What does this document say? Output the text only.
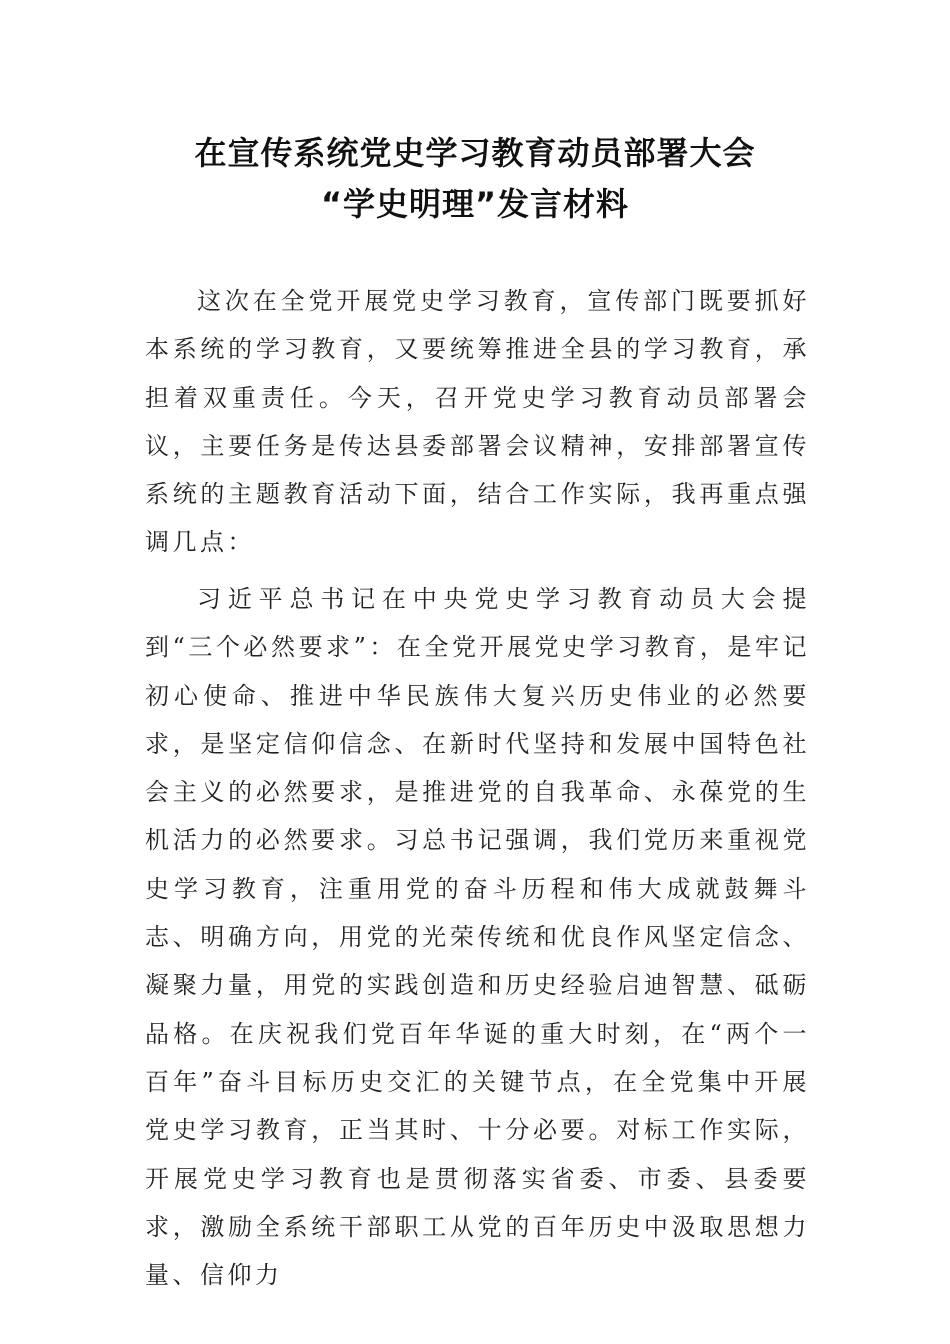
在宣传系统党史学习教育动员部署大会
“学史明理”发言材料

这次在全党开展党史学习教育，宣传部门既要抓好本系统的学习教育，又要统筹推进全县的学习教育，承担着双重责任。今天，召开党史学习教育动员部署会议，主要任务是传达县委部署会议精神，安排部署宣传系统的主题教育活动下面，结合工作实际，我再重点强调几点：

习近平总书记在中央党史学习教育动员大会提到“三个必然要求”：在全党开展党史学习教育，是牢记初心使命、推进中华民族伟大复兴历史伟业的必然要求，是坚定信仰信念、在新时代坚持和发展中国特色社会主义的必然要求，是推进党的自我革命、永葆党的生机活力的必然要求。习总书记强调，我们党历来重视党史学习教育，注重用党的奋斗历程和伟大成就鼓舞斗志、明确方向，用党的光荣传统和优良作风坚定信念、凝聚力量，用党的实践创造和历史经验启迪智慧、砥砺品格。在庆祝我们党百年华诞的重大时刻，在“两个一百年”奋斗目标历史交汇的关键节点，在全党集中开展党史学习教育，正当其时、十分必要。对标工作实际，开展党史学习教育也是贯彻落实省委、市委、县委要求，激励全系统干部职工从党的百年历史中汲取思想力量、信仰力
